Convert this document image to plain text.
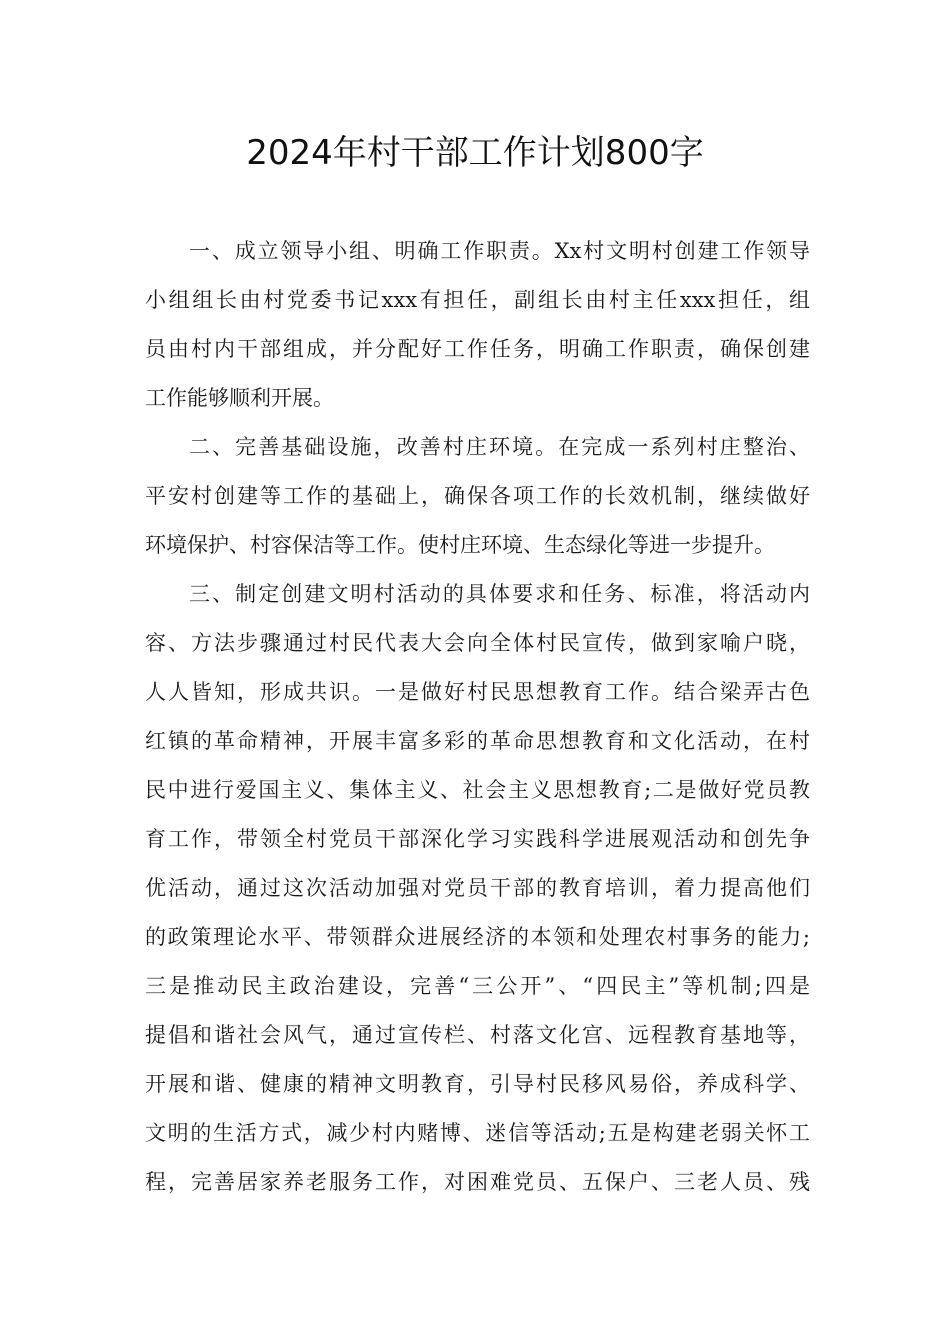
2024年村干部工作计划800字
一、成立领导小组、明确工作职责。Xx村文明村创建工作领导
小组组长由村党委书记xxx有担任，副组长由村主任xxx担任，组
员由村内干部组成，并分配好工作任务，明确工作职责，确保创建
工作能够顺利开展。
二、完善基础设施，改善村庄环境。在完成一系列村庄整治、
平安村创建等工作的基础上，确保各项工作的长效机制，继续做好
环境保护、村容保洁等工作。使村庄环境、生态绿化等进一步提升。
三、制定创建文明村活动的具体要求和任务、标准，将活动内
容、方法步骤通过村民代表大会向全体村民宣传，做到家喻户晓，
人人皆知，形成共识。一是做好村民思想教育工作。结合梁弄古色
红镇的革命精神，开展丰富多彩的革命思想教育和文化活动，在村
民中进行爱国主义、集体主义、社会主义思想教育;二是做好党员教
育工作，带领全村党员干部深化学习实践科学进展观活动和创先争
优活动，通过这次活动加强对党员干部的教育培训，着力提高他们
的政策理论水平、带领群众进展经济的本领和处理农村事务的能力;
三是推动民主政治建设，完善“三公开”、“四民主”等机制;四是
提倡和谐社会风气，通过宣传栏、村落文化宫、远程教育基地等，
开展和谐、健康的精神文明教育，引导村民移风易俗，养成科学、
文明的生活方式，减少村内赌博、迷信等活动;五是构建老弱关怀工
程，完善居家养老服务工作，对困难党员、五保户、三老人员、残
